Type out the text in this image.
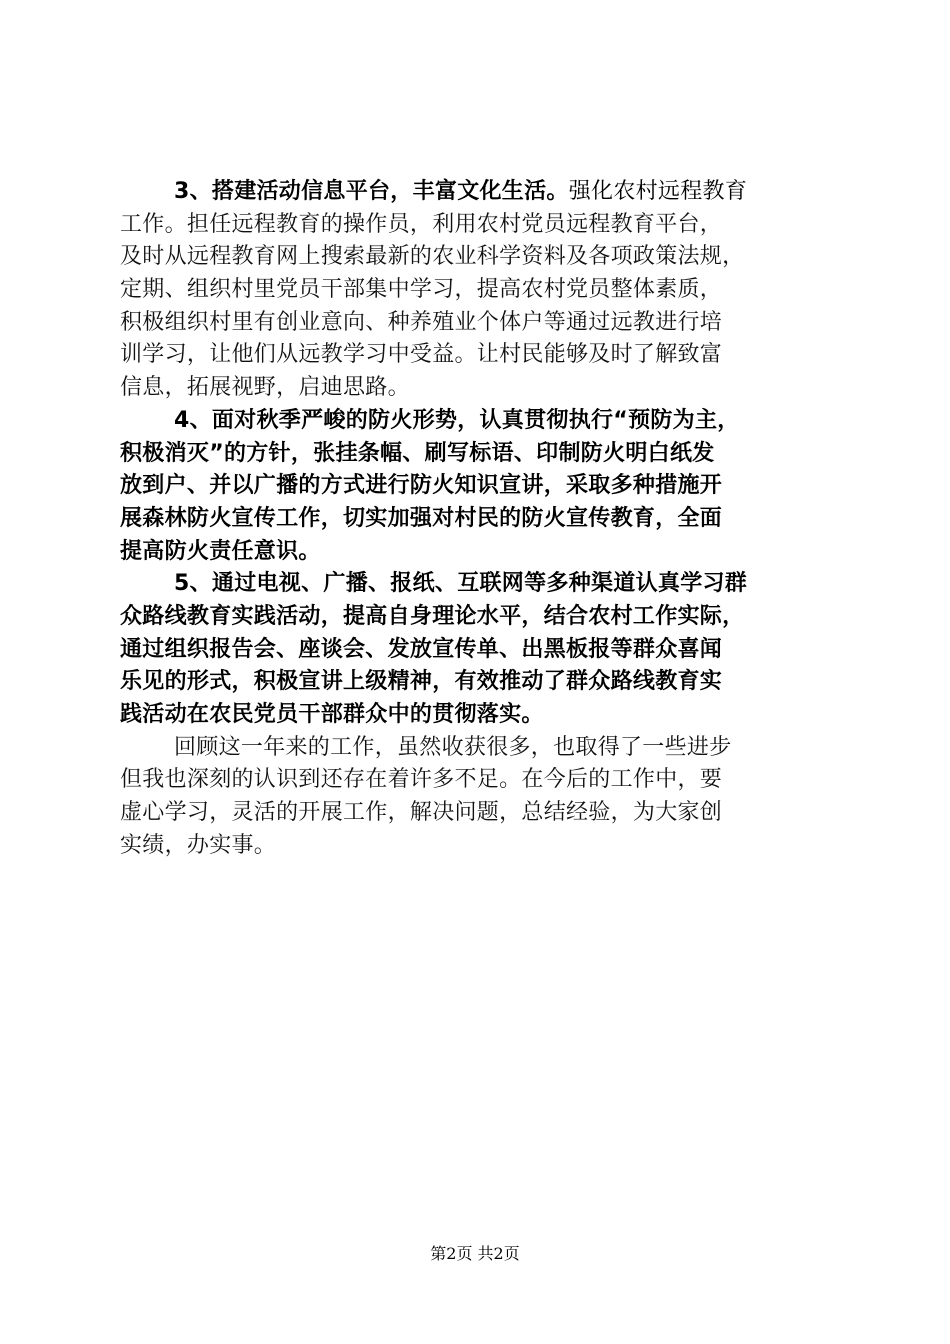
3、搭建活动信息平台，丰富文化生活。强化农村远程教育
工作。担任远程教育的操作员，利用农村党员远程教育平台，
及时从远程教育网上搜索最新的农业科学资料及各项政策法规，
定期、组织村里党员干部集中学习，提高农村党员整体素质，
积极组织村里有创业意向、种养殖业个体户等通过远教进行培
训学习，让他们从远教学习中受益。让村民能够及时了解致富
信息，拓展视野，启迪思路。
4、面对秋季严峻的防火形势，认真贯彻执行“预防为主，
积极消灭”的方针，张挂条幅、刷写标语、印制防火明白纸发
放到户、并以广播的方式进行防火知识宣讲，采取多种措施开
展森林防火宣传工作，切实加强对村民的防火宣传教育，全面
提高防火责任意识。
5、通过电视、广播、报纸、互联网等多种渠道认真学习群
众路线教育实践活动，提高自身理论水平，结合农村工作实际，
通过组织报告会、座谈会、发放宣传单、出黑板报等群众喜闻
乐见的形式，积极宣讲上级精神，有效推动了群众路线教育实
践活动在农民党员干部群众中的贯彻落实。
回顾这一年来的工作，虽然收获很多，也取得了一些进步
但我也深刻的认识到还存在着许多不足。在今后的工作中，要
虚心学习，灵活的开展工作，解决问题，总结经验，为大家创
实绩，办实事。
第2页 共2页
